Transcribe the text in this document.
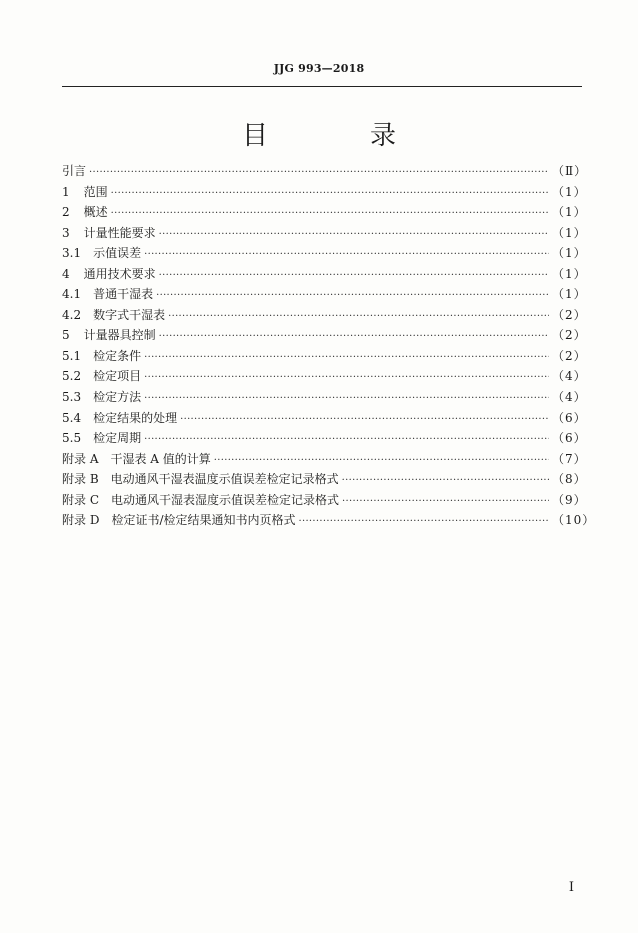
JJG 993—2018
目　录
引言 ·····	（Ⅱ）
1 范围 ·····	（1）
2 概述 ·····	（1）
3 计量性能要求 ·····	（1）
3.1 示值误差 ·····	（1）
4 通用技术要求 ·····	（1）
4.1 普通干湿表 ·····	（1）
4.2 数字式干湿表 ·····	（2）
5 计量器具控制 ·····	（2）
5.1 检定条件 ·····	（2）
5.2 检定项目 ·····	（4）
5.3 检定方法 ·····	（4）
5.4 检定结果的处理 ·····	（6）
5.5 检定周期 ·····	（6）
附录 A 干湿表 A 值的计算 ·····	（7）
附录 B 电动通风干湿表温度示值误差检定记录格式 ·····	（8）
附录 C 电动通风干湿表湿度示值误差检定记录格式 ·····	（9）
附录 D 检定证书/检定结果通知书内页格式 ·····	（10）
Ⅰ
